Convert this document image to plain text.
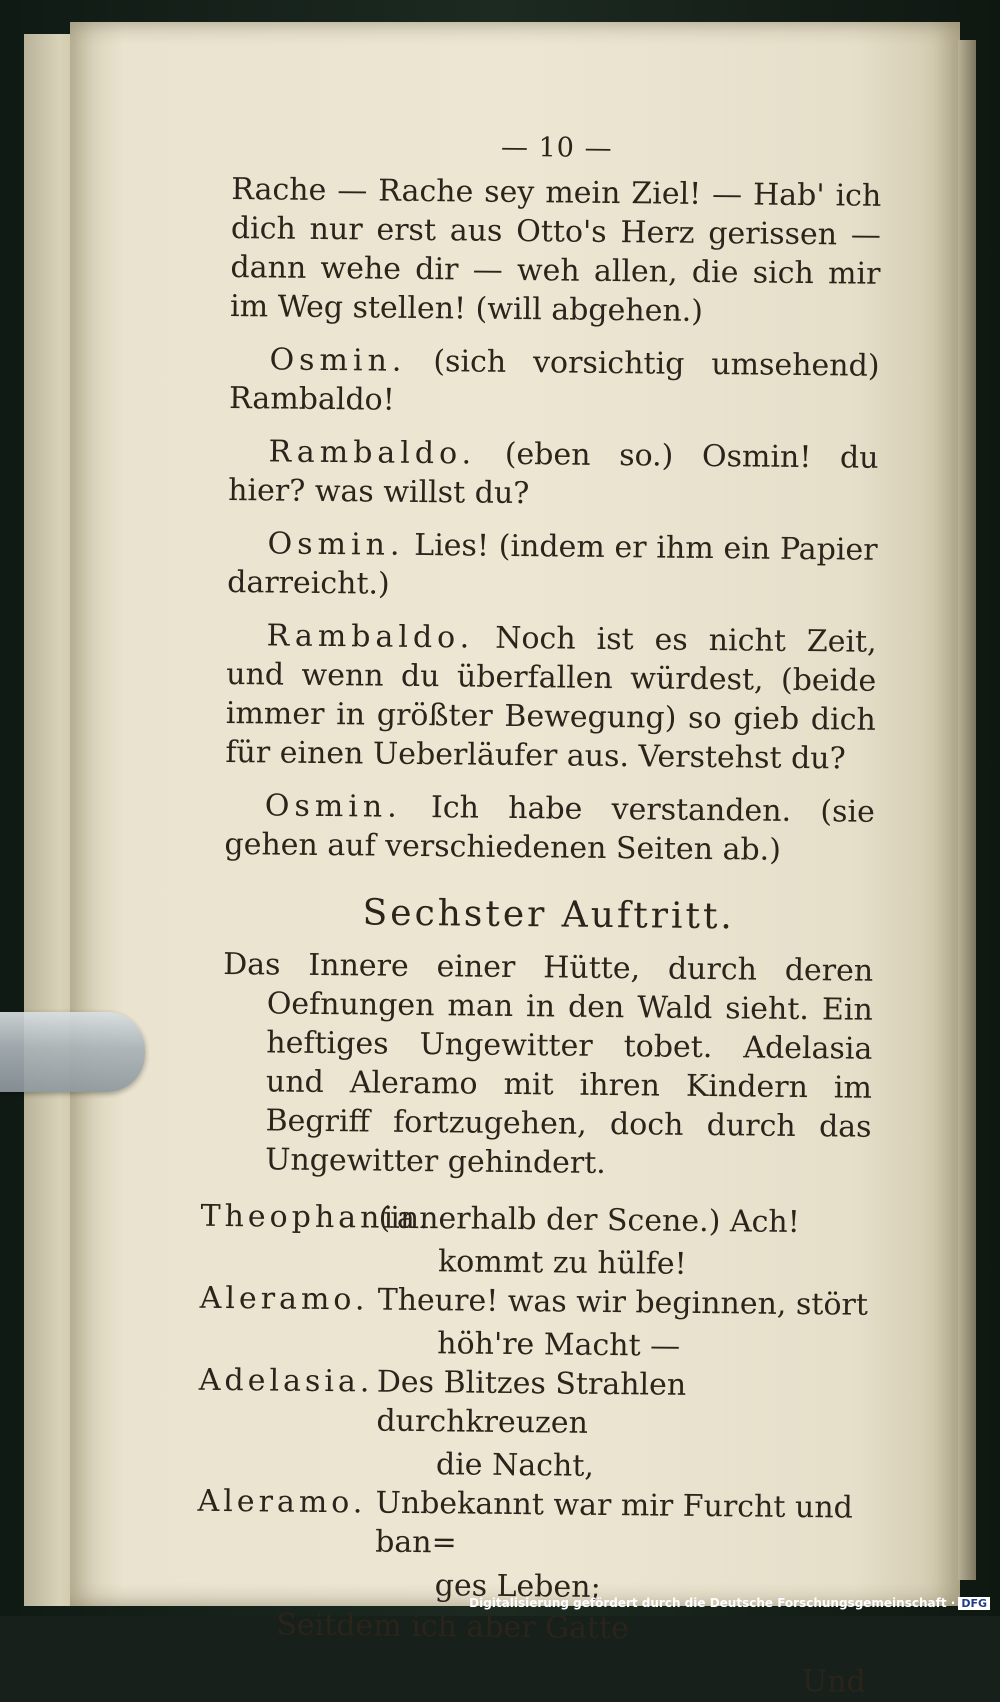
— 10 —

Rache — Rache sey mein Ziel! — Hab' ich dich nur erst aus Otto's Herz gerissen — dann wehe dir — weh allen, die sich mir im Weg stellen! (will abgehen.)

Osmin. (sich vorsichtig umsehend) Rambaldo!

Rambaldo. (eben so.) Osmin! du hier? was willst du?

Osmin. Lies! (indem er ihm ein Papier darreicht.)

Rambaldo. Noch ist es nicht Zeit, und wenn du überfallen würdest, (beide immer in größter Bewegung) so gieb dich für einen Ueberläufer aus. Verstehst du?

Osmin. Ich habe verstanden. (sie gehen auf verschiedenen Seiten ab.)

Sechster Auftritt.

Das Innere einer Hütte, durch deren Oefnungen man in den Wald sieht. Ein heftiges Ungewitter tobet. Adelasia und Aleramo mit ihren Kindern im Begriff fortzugehen, doch durch das Ungewitter gehindert.

Theophania.
(innerhalb der Scene.) Ach!
kommt zu hülfe!
Aleramo. Theure! was wir beginnen, stört
höh're Macht —
Adelasia. Des Blitzes Strahlen durchkreuzen
die Nacht,
Aleramo. Unbekannt war mir Furcht und ban=
ges Leben;
Seitdem ich aber Gatte
Und
Digitalisierung gefördert durch die Deutsche Forschungsgemeinschaft · DFG
